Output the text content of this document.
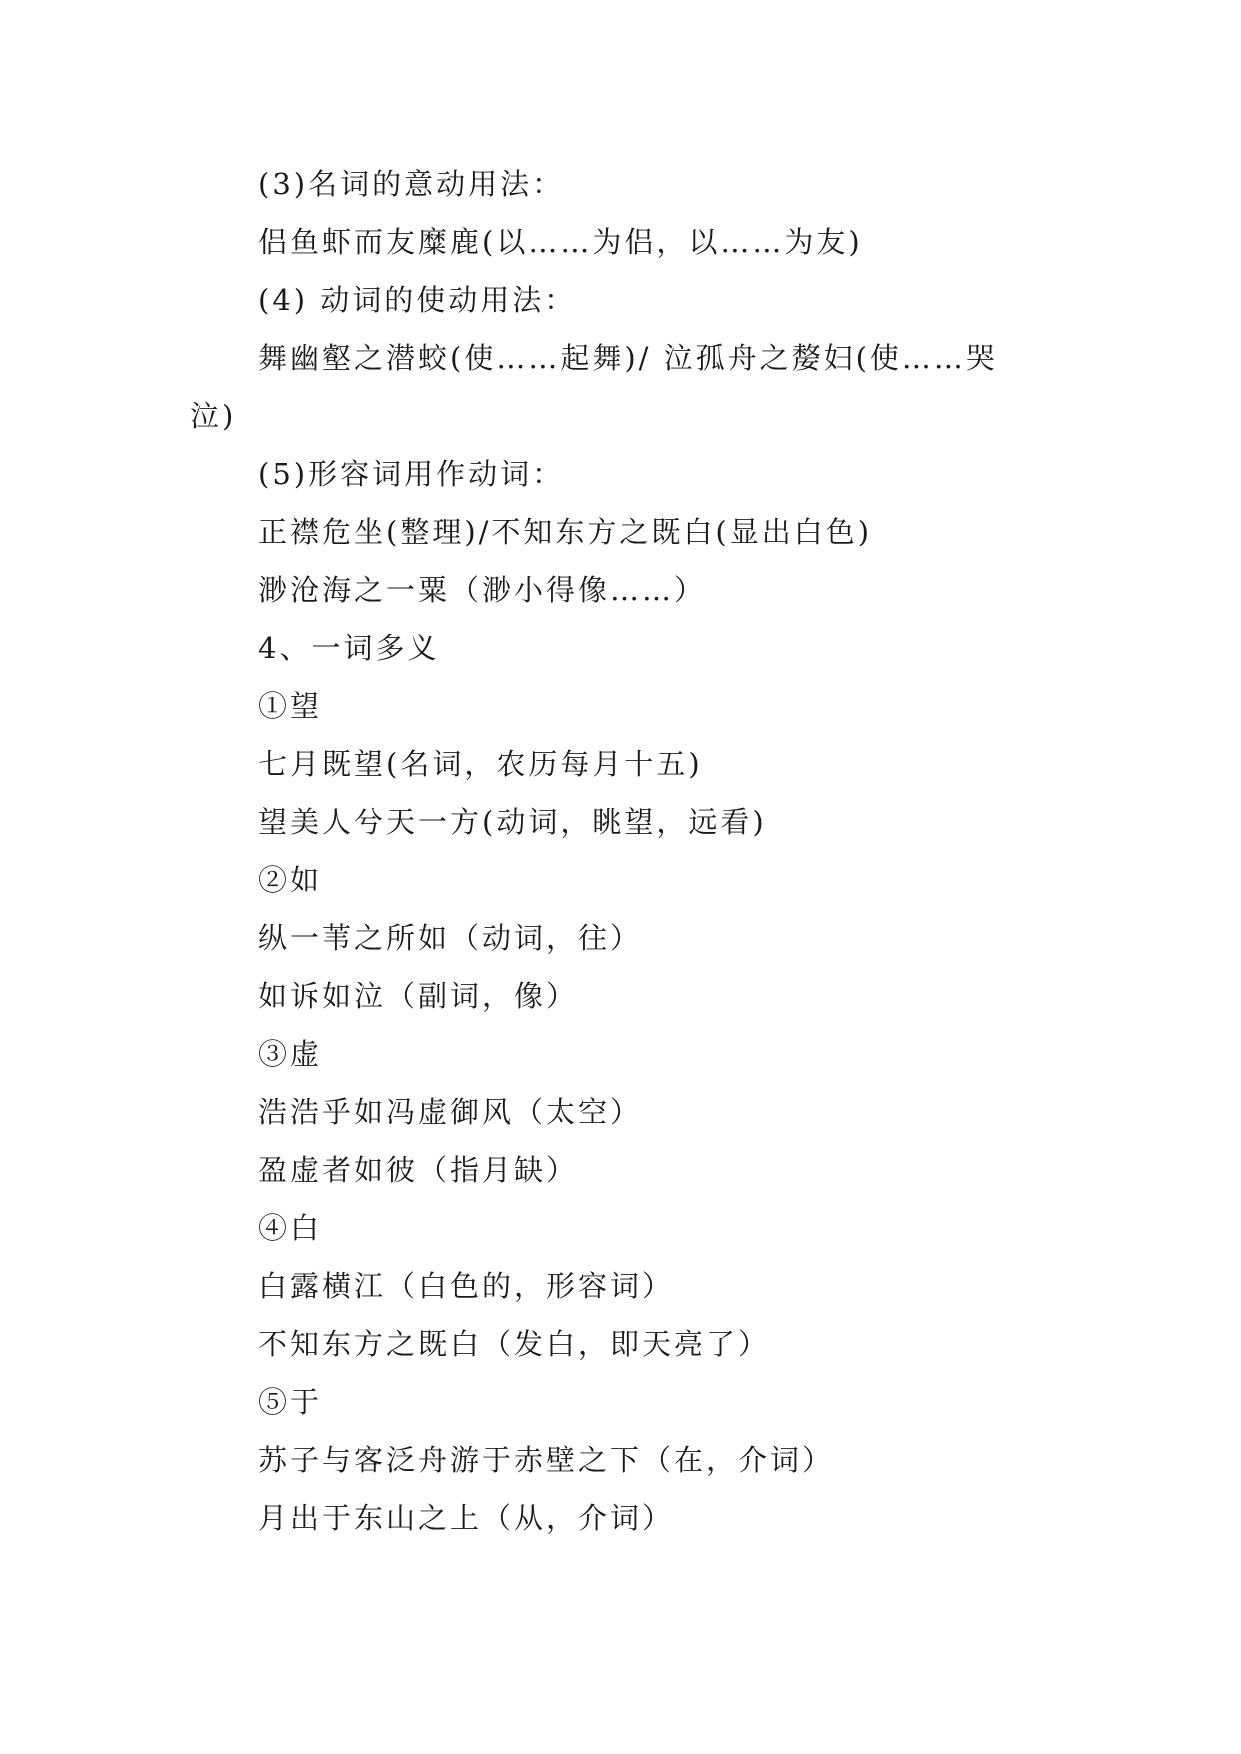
(3)名词的意动用法：
侣鱼虾而友糜鹿(以……为侣，以……为友)
(4) 动词的使动用法：
舞幽壑之潜蛟(使……起舞)/ 泣孤舟之嫠妇(使……哭
泣)
(5)形容词用作动词：
正襟危坐(整理)/不知东方之既白(显出白色)
渺沧海之一粟（渺小得像……）
4、一词多义
①望
七月既望(名词，农历每月十五)
望美人兮天一方(动词，眺望，远看)
②如
纵一苇之所如（动词，往）
如诉如泣（副词，像）
③虚
浩浩乎如冯虚御风（太空）
盈虚者如彼（指月缺）
④白
白露横江（白色的，形容词）
不知东方之既白（发白，即天亮了）
⑤于
苏子与客泛舟游于赤壁之下（在，介词）
月出于东山之上（从，介词）
